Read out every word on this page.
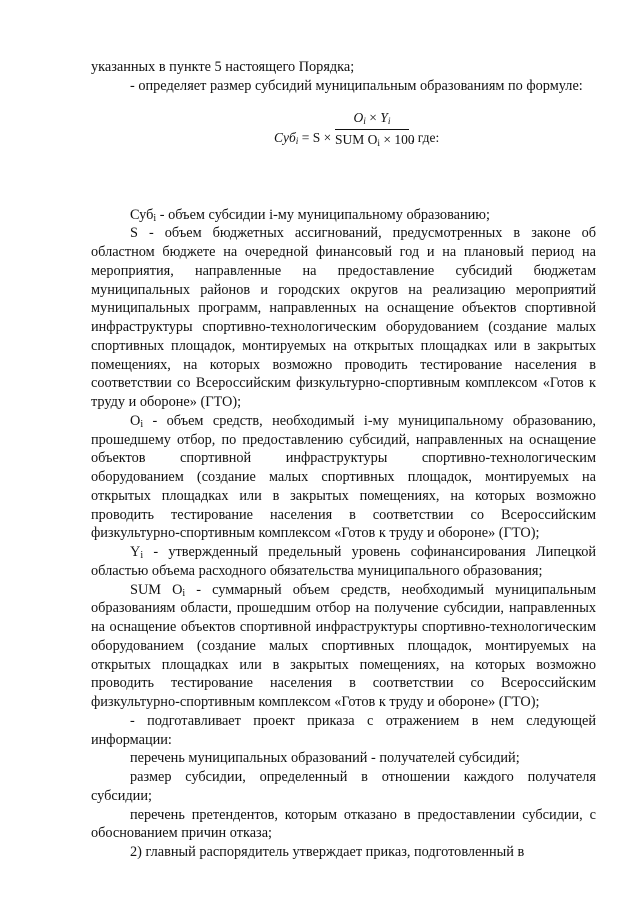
указанных в пункте 5 настоящего Порядка;

- определяет размер субсидий муниципальным образованиям по формуле:

Суб$_i$ = S ×
$O_i \times Y_i$
SUM $O_i \times 100$
, где:

Суб$_i$ - объем субсидии i-му муниципальному образованию;

S - объем бюджетных ассигнований, предусмотренных в законе об областном бюджете на очередной финансовый год и на плановый период на мероприятия, направленные на предоставление субсидий бюджетам муниципальных районов и городских округов на реализацию мероприятий муниципальных программ, направленных на оснащение объектов спортивной инфраструктуры спортивно-технологическим оборудованием (создание малых спортивных площадок, монтируемых на открытых площадках или в закрытых помещениях, на которых возможно проводить тестирование населения в соответствии со Всероссийским физкультурно-спортивным комплексом «Готов к труду и обороне» (ГТО);

$O_i$ - объем средств, необходимый i-му муниципальному образованию, прошедшему отбор, по предоставлению субсидий, направленных на оснащение объектов спортивной инфраструктуры спортивно-технологическим оборудованием (создание малых спортивных площадок, монтируемых на открытых площадках или в закрытых помещениях, на которых возможно проводить тестирование населения в соответствии со Всероссийским физкультурно-спортивным комплексом «Готов к труду и обороне» (ГТО);

$Y_i$ - утвержденный предельный уровень софинансирования Липецкой областью объема расходного обязательства муниципального образования;

SUM $O_i$ - суммарный объем средств, необходимый муниципальным образованиям области, прошедшим отбор на получение субсидии, направленных на оснащение объектов спортивной инфраструктуры спортивно-технологическим оборудованием (создание малых спортивных площадок, монтируемых на открытых площадках или в закрытых помещениях, на которых возможно проводить тестирование населения в соответствии со Всероссийским физкультурно-спортивным комплексом «Готов к труду и обороне» (ГТО);

- подготавливает проект приказа с отражением в нем следующей информации:

перечень муниципальных образований - получателей субсидий;

размер субсидии, определенный в отношении каждого получателя субсидии;

перечень претендентов, которым отказано в предоставлении субсидии, с обоснованием причин отказа;

2) главный распорядитель утверждает приказ, подготовленный в
